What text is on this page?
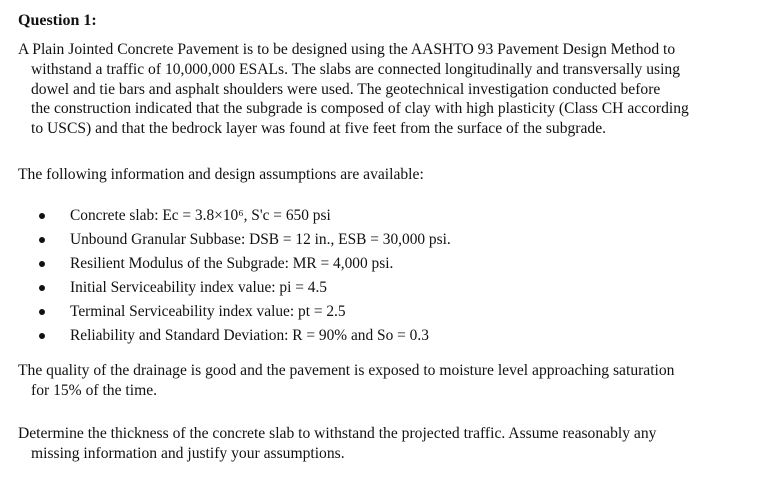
Question 1:

A Plain Jointed Concrete Pavement is to be designed using the AASHTO 93 Pavement Design Method to
withstand a traffic of 10,000,000 ESALs. The slabs are connected longitudinally and transversally using
dowel and tie bars and asphalt shoulders were used. The geotechnical investigation conducted before
the construction indicated that the subgrade is composed of clay with high plasticity (Class CH according
to USCS) and that the bedrock layer was found at five feet from the surface of the subgrade.

The following information and design assumptions are available:

Concrete slab: Ec = 3.8×10⁶, S'c = 650 psi
Unbound Granular Subbase: DSB = 12 in., ESB = 30,000 psi.
Resilient Modulus of the Subgrade: MR = 4,000 psi.
Initial Serviceability index value: pi = 4.5
Terminal Serviceability index value: pt = 2.5
Reliability and Standard Deviation: R = 90% and So = 0.3

The quality of the drainage is good and the pavement is exposed to moisture level approaching saturation
for 15% of the time.

Determine the thickness of the concrete slab to withstand the projected traffic. Assume reasonably any
missing information and justify your assumptions.
